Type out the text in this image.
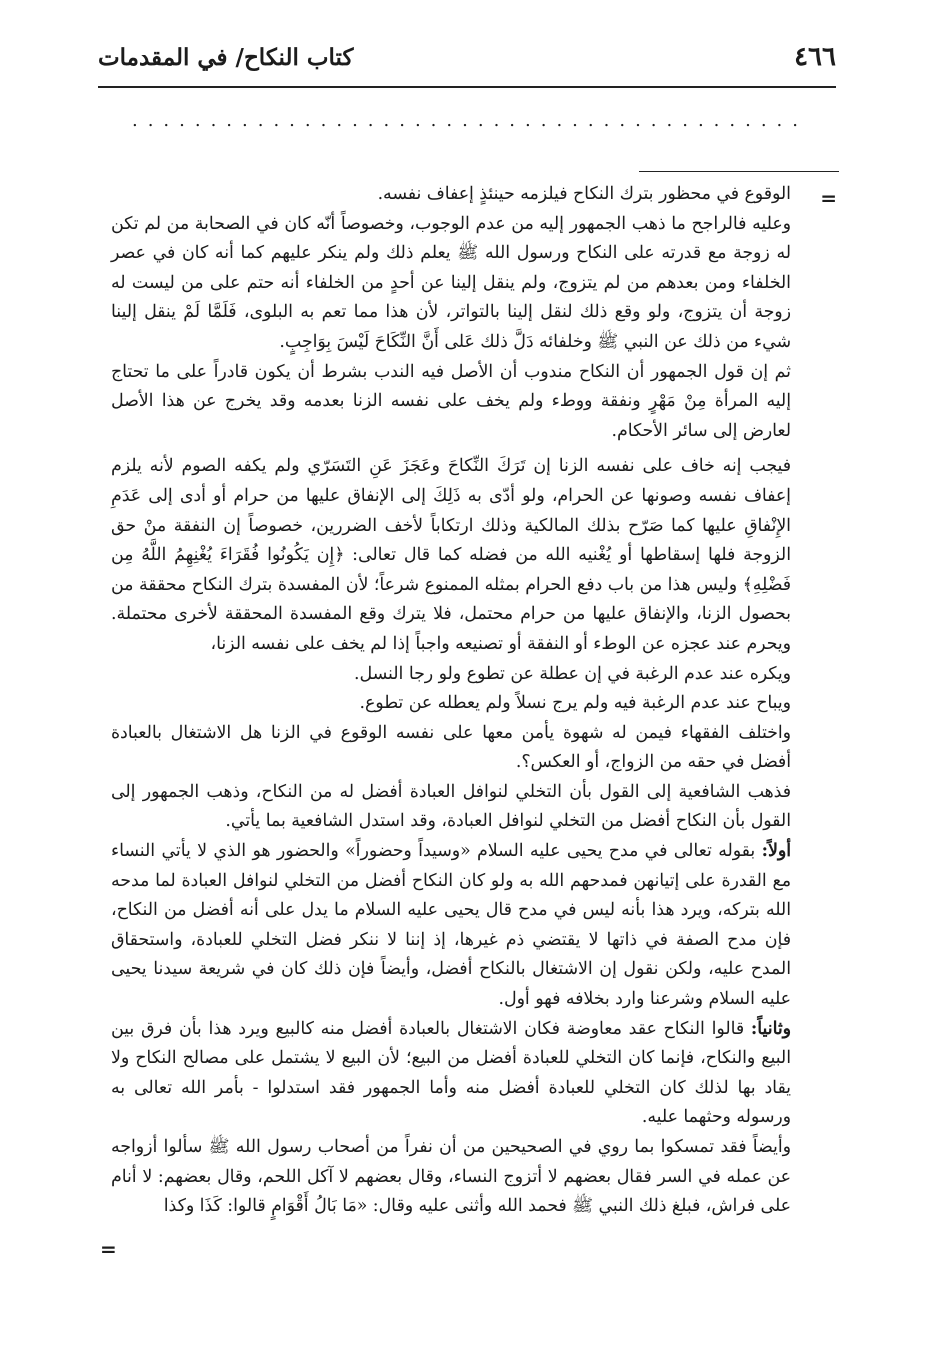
٤٦٦
كتاب النكاح/ في المقدمات
...........................................
=

الوقوع في محظور بترك النكاح فيلزمه حينئذٍ إعفاف نفسه.

وعليه فالراجح ما ذهب الجمهور إليه من عدم الوجوب، وخصوصاً أنّه كان في الصحابة من لم تكن له زوجة مع قدرته على النكاح ورسول الله ﷺ يعلم ذلك ولم ينكر عليهم كما أنه كان في عصر الخلفاء ومن بعدهم من لم يتزوج، ولم ينقل إلينا عن أحدٍ من الخلفاء أنه حتم على من ليست له زوجة أن يتزوج، ولو وقع ذلك لنقل إلينا بالتواتر، لأن هذا مما تعم به البلوى، فَلَمَّا لَمْ ينقل إلينا شيء من ذلك عن النبي ﷺ وخلفائه دَلَّ ذلك عَلى أَنَّ النِّكَاحَ لَيْسَ بِوَاجِبٍ.

ثم إن قول الجمهور أن النكاح مندوب أن الأصل فيه الندب بشرط أن يكون قادراً على ما تحتاج إليه المرأة مِنْ مَهْرٍ ونفقة ووطء ولم يخف على نفسه الزنا بعدمه وقد يخرج عن هذا الأصل لعارض إلى سائر الأحكام.

فيجب إنه خاف على نفسه الزنا إن تَرَكَ النِّكاحَ وعَجَزَ عَنِ التَسَرّي ولم يكفه الصوم لأنه يلزم إعفاف نفسه وصونها عن الحرام، ولو أدّى به ذَلِكَ إلى الإنفاق عليها من حرام أو أدى إلى عَدَمِ الإِنْفاقِ عليها كما صَرّح بذلك المالكية وذلك ارتكاباً لأخف الضررين، خصوصاً إن النفقة منْ حق الزوجة فلها إسقاطها أو يُغْنيه الله من فضله كما قال تعالى: ﴿إِن يَكُونُوا فُقَرَاءَ يُغْنِهِمُ اللَّهُ مِن فَضْلِهِ﴾ وليس هذا من باب دفع الحرام بمثله الممنوع شرعاً؛ لأن المفسدة بترك النكاح محققة من بحصول الزنا، والإنفاق عليها من حرام محتمل، فلا يترك وقع المفسدة المحققة لأخرى محتملة. ويحرم عند عجزه عن الوطء أو النفقة أو تصنيعه واجباً إذا لم يخف على نفسه الزنا،

ويكره عند عدم الرغبة في إن عطلة عن تطوع ولو رجا النسل.

ويباح عند عدم الرغبة فيه ولم يرج نسلاً ولم يعطله عن تطوع.

واختلف الفقهاء فيمن له شهوة يأمن معها على نفسه الوقوع في الزنا هل الاشتغال بالعبادة أفضل في حقه من الزواج، أو العكس؟.

فذهب الشافعية إلى القول بأن التخلي لنوافل العبادة أفضل له من النكاح، وذهب الجمهور إلى القول بأن النكاح أفضل من التخلي لنوافل العبادة، وقد استدل الشافعية بما يأتي.

أولاً: بقوله تعالى في مدح يحيى عليه السلام «وسيداً وحضوراً» والحضور هو الذي لا يأتي النساء مع القدرة على إتيانهن فمدحهم الله به ولو كان النكاح أفضل من التخلي لنوافل العبادة لما مدحه الله بتركه، ويرد هذا بأنه ليس في مدح قال يحيى عليه السلام ما يدل على أنه أفضل من النكاح، فإن مدح الصفة في ذاتها لا يقتضي ذم غيرها، إذ إننا لا ننكر فضل التخلي للعبادة، واستحقاق المدح عليه، ولكن نقول إن الاشتغال بالنكاح أفضل، وأيضاً فإن ذلك كان في شريعة سيدنا يحيى عليه السلام وشرعنا وارد بخلافه فهو أول.

وثانياً: قالوا النكاح عقد معاوضة فكان الاشتغال بالعبادة أفضل منه كالبيع ويرد هذا بأن فرق بين البيع والنكاح، فإنما كان التخلي للعبادة أفضل من البيع؛ لأن البيع لا يشتمل على مصالح النكاح ولا يقاد بها لذلك كان التخلي للعبادة أفضل منه وأما الجمهور فقد استدلوا - بأمر الله تعالى به ورسوله وحثهما عليه.

وأيضاً فقد تمسكوا بما روي في الصحيحين من أن نفراً من أصحاب رسول الله ﷺ سألوا أزواجه عن عمله في السر فقال بعضهم لا أتزوج النساء، وقال بعضهم لا آكل اللحم، وقال بعضهم: لا أنام على فراش، فبلغ ذلك النبي ﷺ فحمد الله وأثنى عليه وقال: «مَا بَالُ أَقْوَامٍ قالوا: كَذَا وكذا

=
